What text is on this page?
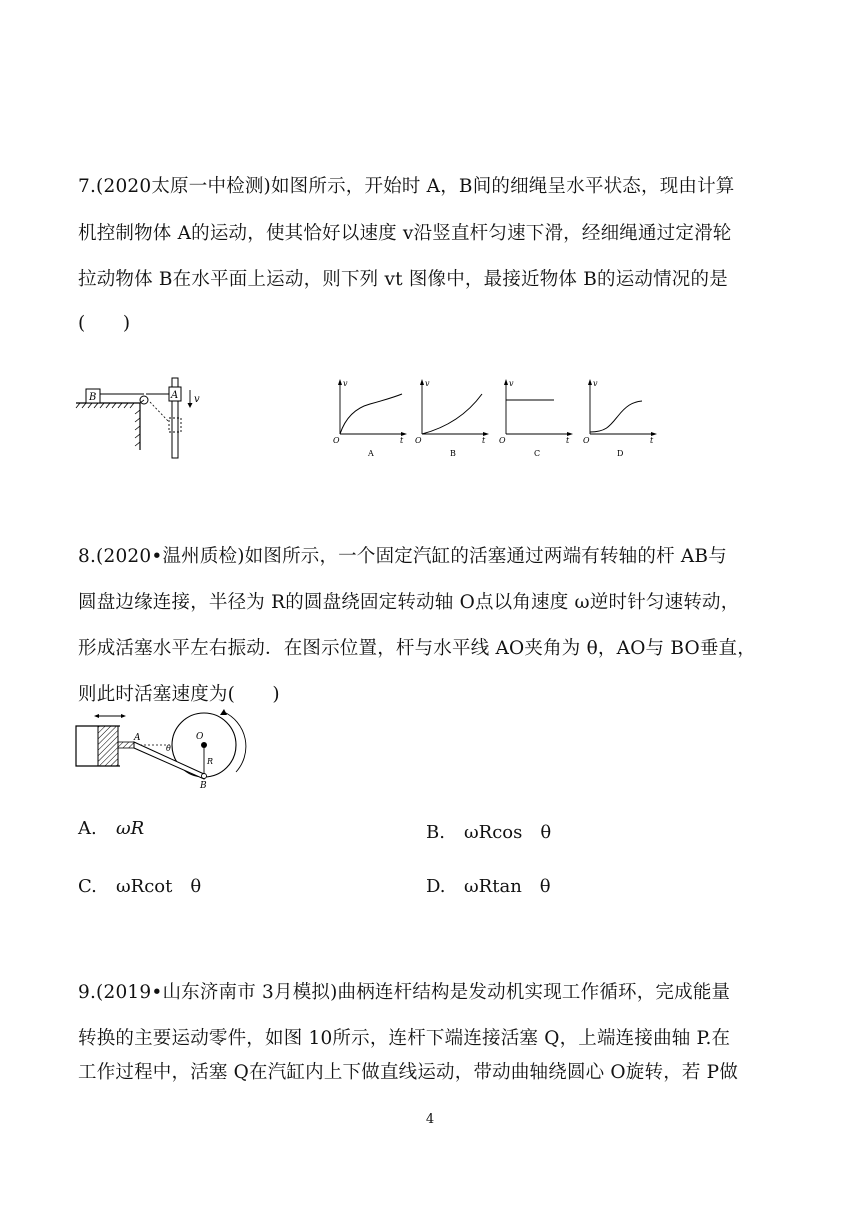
7.(2020太原一中检测)如图所示，开始时 A，B间的细绳呈水平状态，现由计算
机控制物体 A的运动，使其恰好以速度 v沿竖直杆匀速下滑，经细绳通过定滑轮
拉动物体 B在水平面上运动，则下列 vt 图像中，最接近物体 B的运动情况的是
(　　)
B	A v
v
t
O
A
v
t
O
B
v
t
O
C
v
t
O
D
8.(2020•温州质检)如图所示，一个固定汽缸的活塞通过两端有转轴的杆 AB与
圆盘边缘连接，半径为 R的圆盘绕固定转动轴 O点以角速度 ω逆时针匀速转动，
形成活塞水平左右振动．在图示位置，杆与水平线 AO夹角为 θ，AO与 BO垂直，
则此时活塞速度为(　　)
A
θ
O
R
B
A. ωR	B. ωRcos　θ
C. ωRcot　θ	D. ωRtan　θ
9.(2019•山东济南市 3月模拟)曲柄连杆结构是发动机实现工作循环，完成能量
转换的主要运动零件，如图 10所示，连杆下端连接活塞 Q，上端连接曲轴 P.在
工作过程中，活塞 Q在汽缸内上下做直线运动，带动曲轴绕圆心 O旋转，若 P做
4
